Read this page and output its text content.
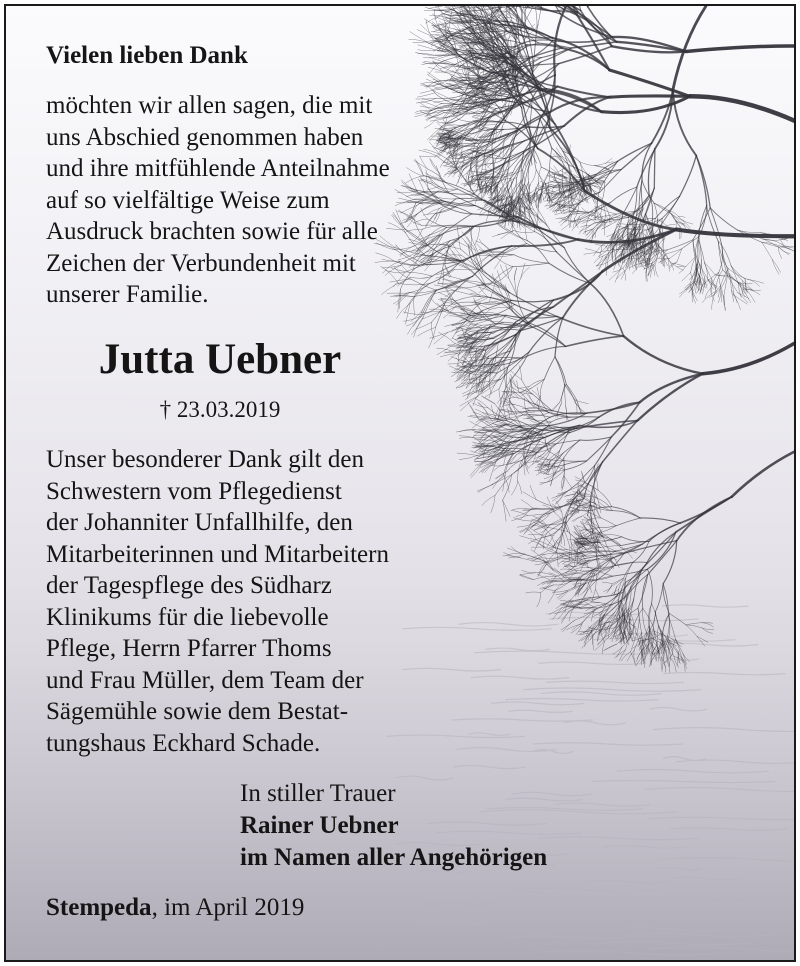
Vielen lieben Dank
möchten wir allen sagen, die mit
uns Abschied genommen haben
und ihre mitfühlende Anteilnahme
auf so vielfältige Weise zum
Ausdruck brachten sowie für alle
Zeichen der Verbundenheit mit
unserer Familie.
Jutta Uebner
† 23.03.2019
Unser besonderer Dank gilt den
Schwestern vom Pflegedienst
der Johanniter Unfallhilfe, den
Mitarbeiterinnen und Mitarbeitern
der Tagespflege des Südharz
Klinikums für die liebevolle
Pflege, Herrn Pfarrer Thoms
und Frau Müller, dem Team der
Sägemühle sowie dem Bestat-
tungshaus Eckhard Schade.
In stiller Trauer
Rainer Uebner
im Namen aller Angehörigen
Stempeda, im April 2019
